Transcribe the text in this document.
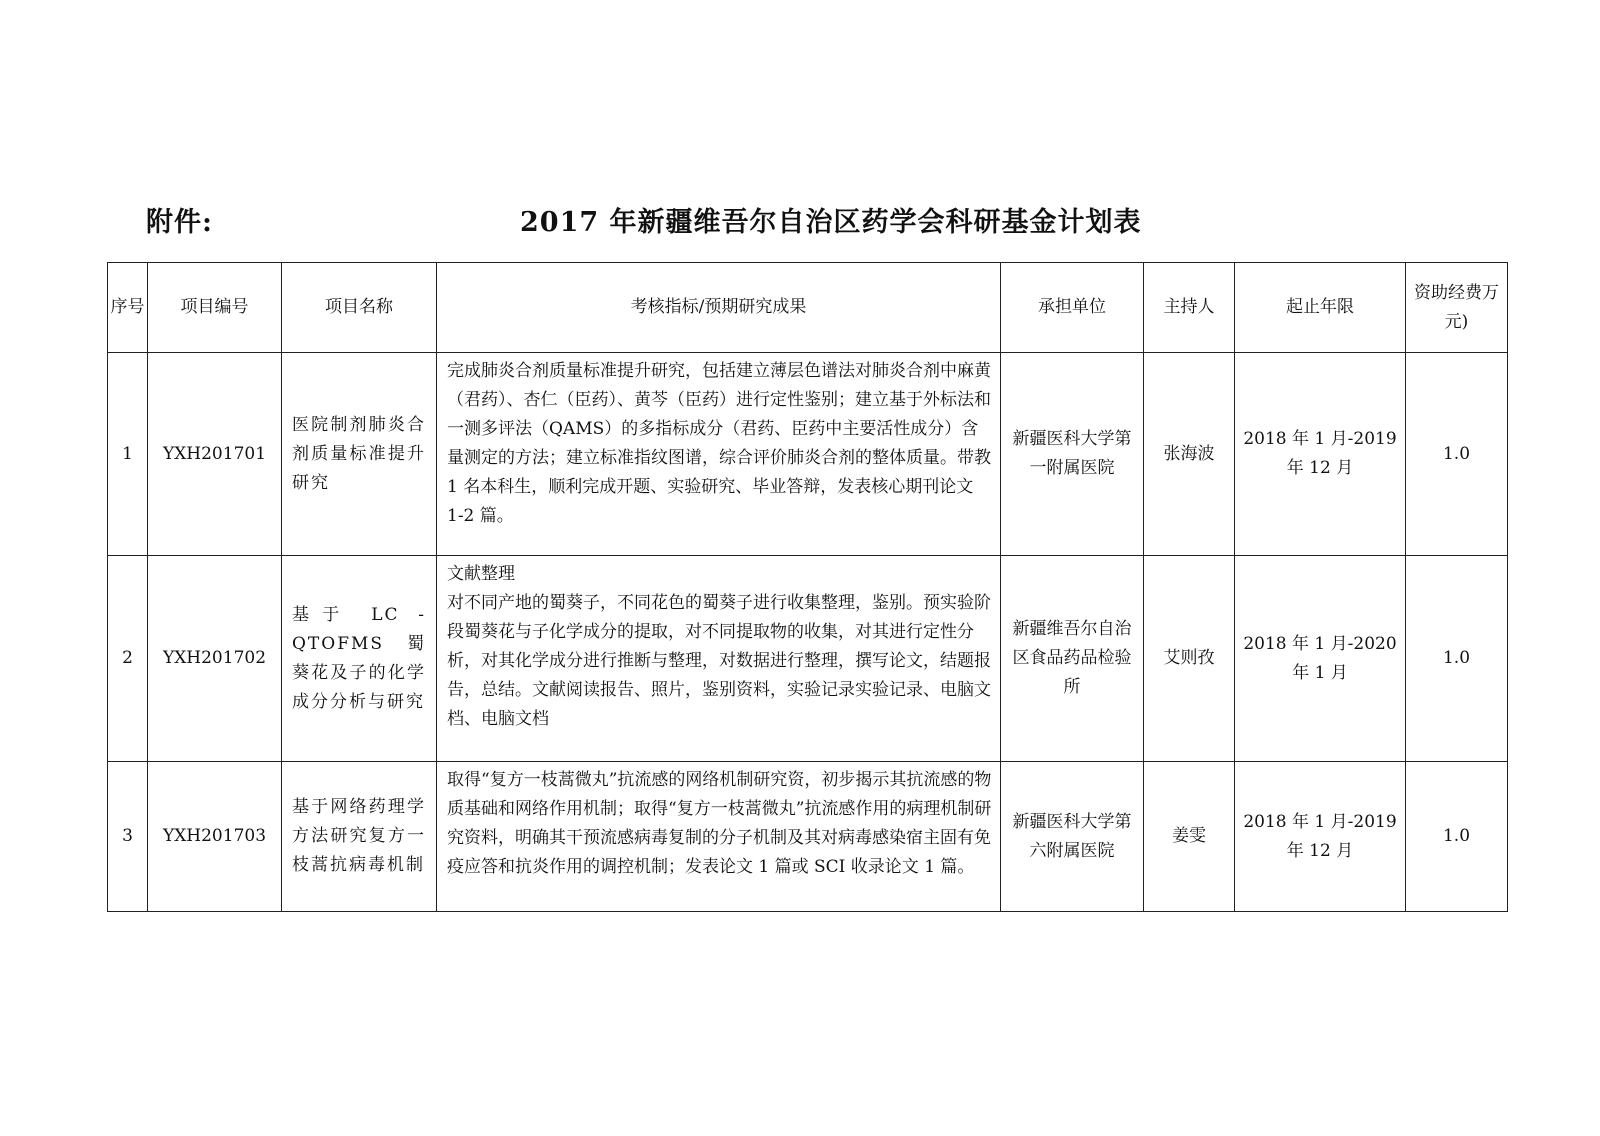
附件:	2017 年新疆维吾尔自治区药学会科研基金计划表
序号	项目编号	项目名称	考核指标/预期研究成果	承担单位	主持人	起止年限	资助经费万元)
1	YXH201701	医院制剂肺炎合剂质量标准提升研究	完成肺炎合剂质量标准提升研究，包括建立薄层色谱法对肺炎合剂中麻黄（君药）、杏仁（臣药）、黄芩（臣药）进行定性鉴别；建立基于外标法和一测多评法（QAMS）的多指标成分（君药、臣药中主要活性成分）含量测定的方法；建立标准指纹图谱，综合评价肺炎合剂的整体质量。带教 1 名本科生，顺利完成开题、实验研究、毕业答辩，发表核心期刊论文 1-2 篇。	新疆医科大学第一附属医院	张海波	2018 年 1 月-2019 年 12 月	1.0
2	YXH201702	基于 LC -QTOFMS 蜀葵花及子的化学成分分析与研究	文献整理
对不同产地的蜀葵子，不同花色的蜀葵子进行收集整理，鉴别。预实验阶段蜀葵花与子化学成分的提取，对不同提取物的收集，对其进行定性分析，对其化学成分进行推断与整理，对数据进行整理，撰写论文，结题报告，总结。文献阅读报告、照片，鉴别资料，实验记录实验记录、电脑文档、电脑文档	新疆维吾尔自治区食品药品检验所	艾则孜	2018 年 1 月-2020 年 1 月	1.0
3	YXH201703	基于网络药理学方法研究复方一枝蒿抗病毒机制	取得“复方一枝蒿微丸”抗流感的网络机制研究资，初步揭示其抗流感的物质基础和网络作用机制；取得“复方一枝蒿微丸”抗流感作用的病理机制研究资料，明确其干预流感病毒复制的分子机制及其对病毒感染宿主固有免疫应答和抗炎作用的调控机制；发表论文 1 篇或 SCI 收录论文 1 篇。	新疆医科大学第六附属医院	姜雯	2018 年 1 月-2019 年 12 月	1.0
